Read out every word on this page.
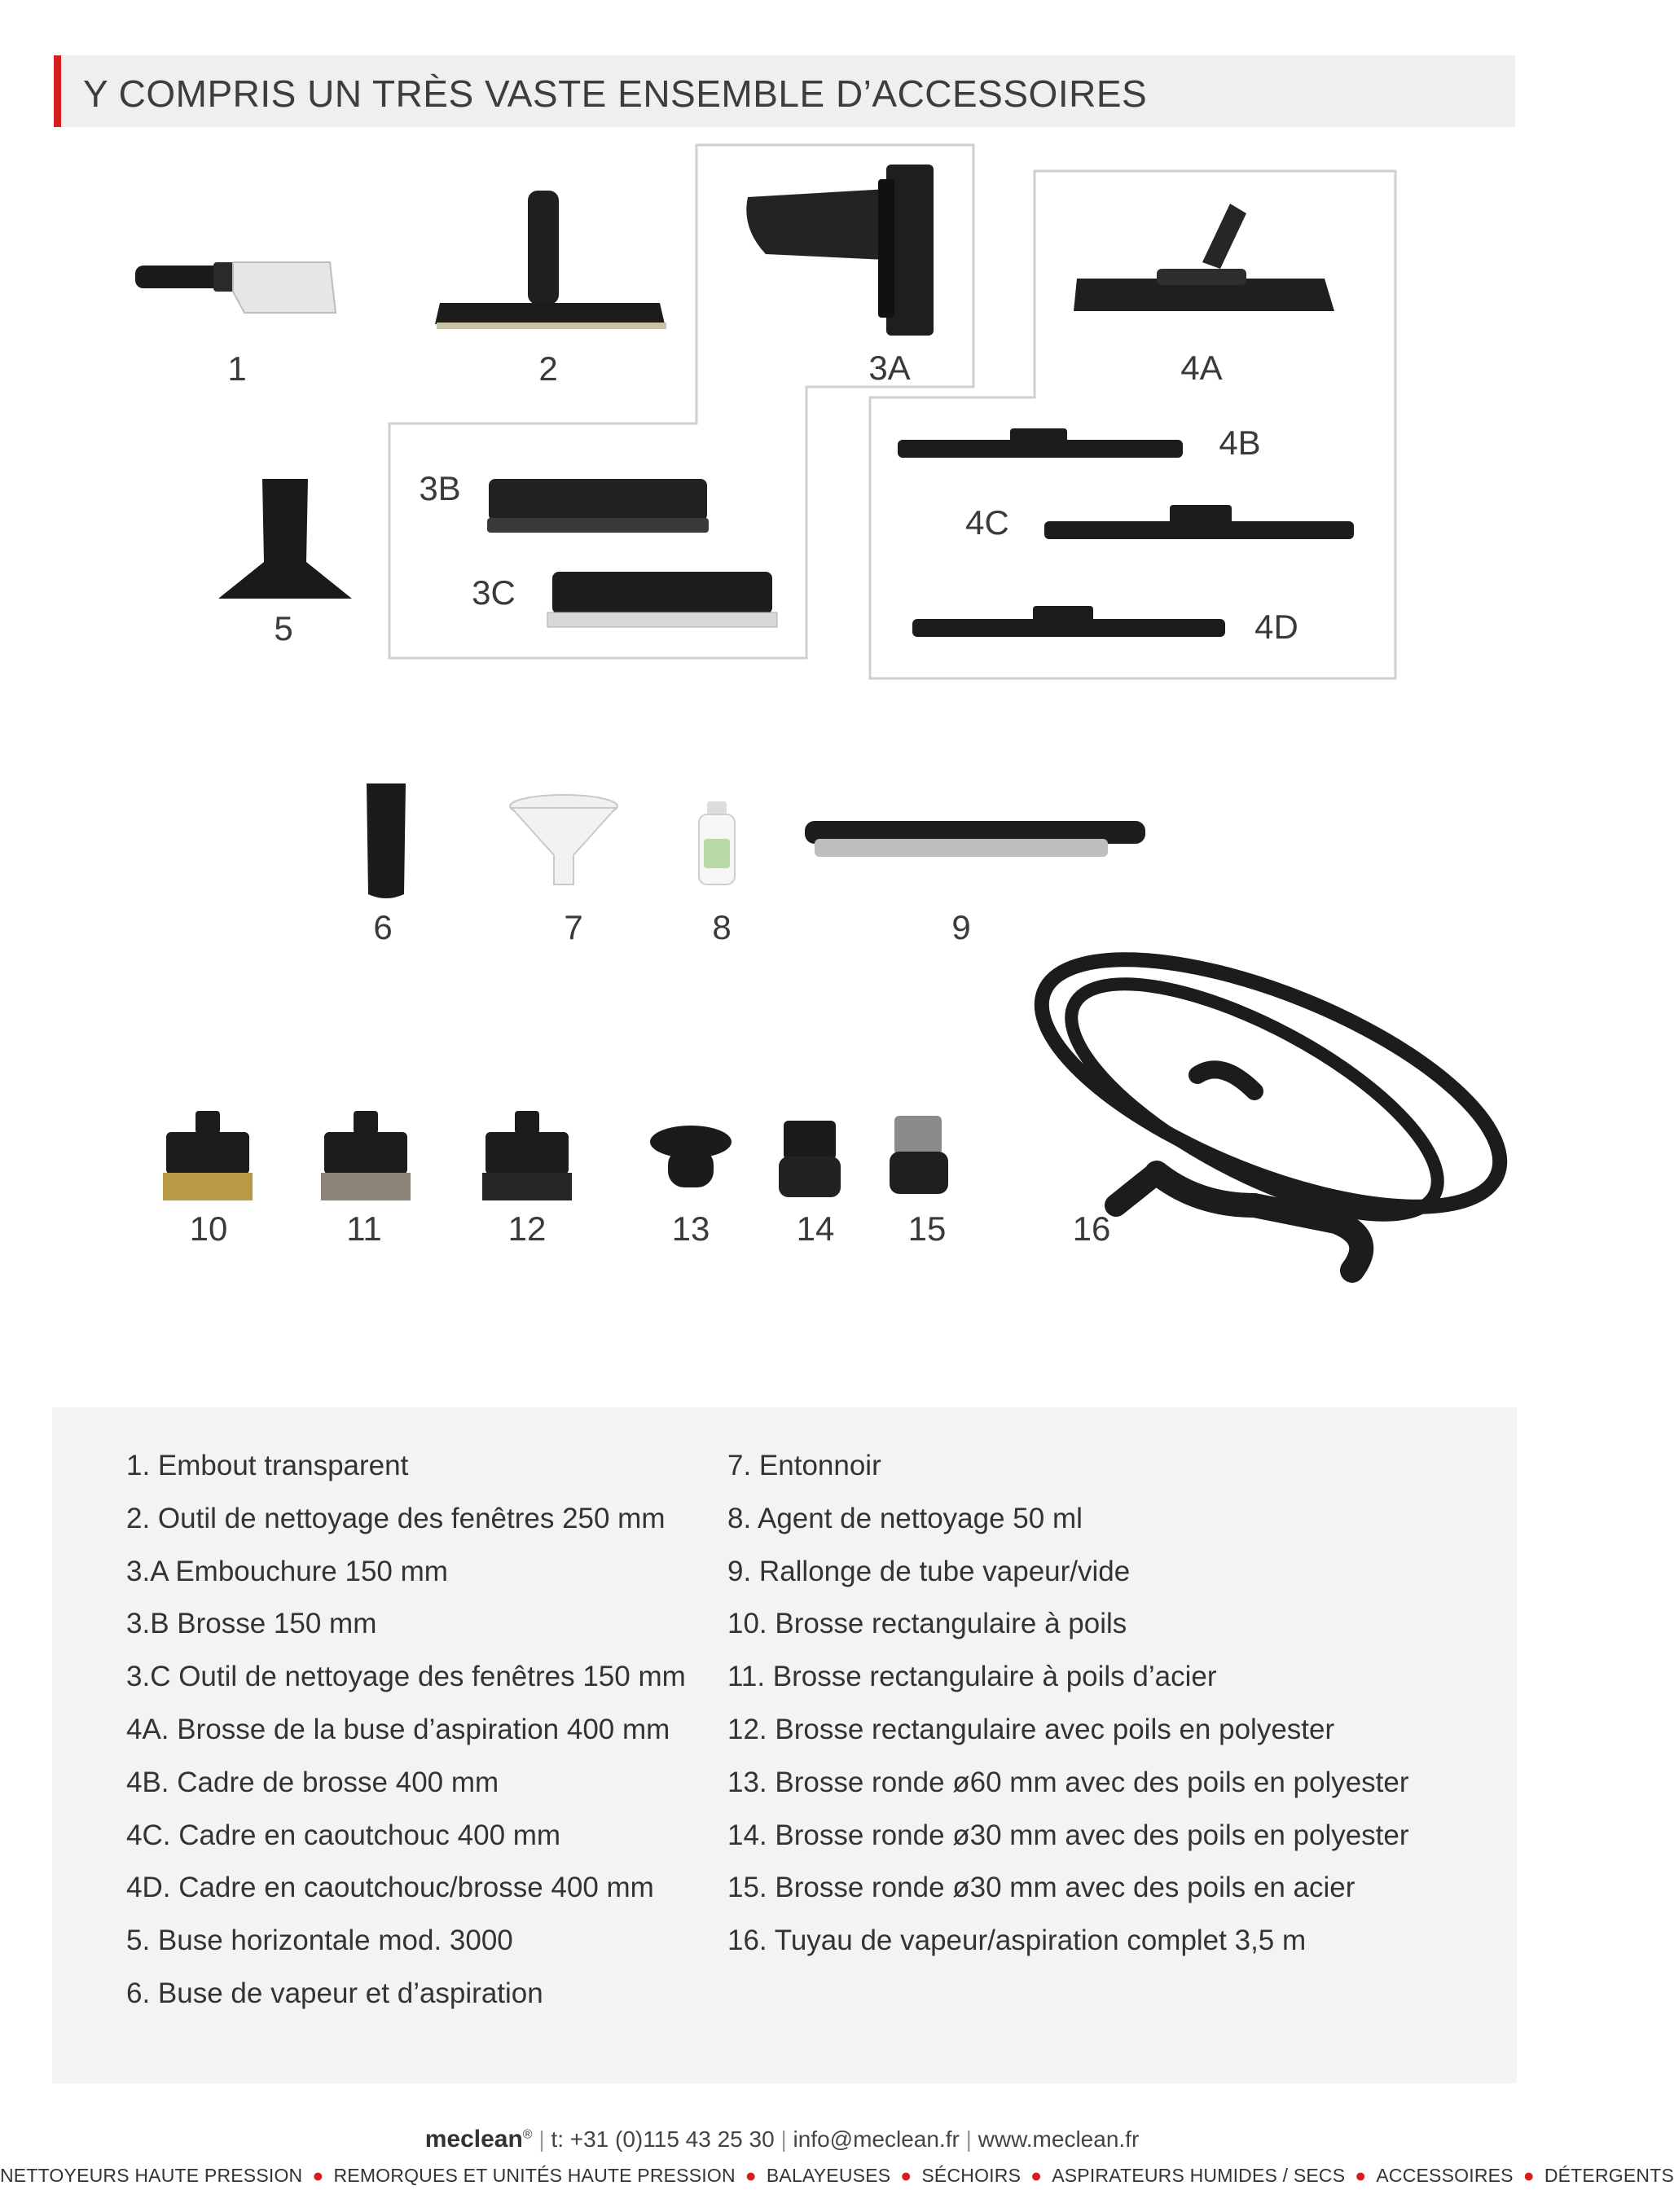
Y COMPRIS UN TRÈS VASTE ENSEMBLE D’ACCESSOIRES
1	2	3A	4A
3B
4B
4C
3C
4D
5
6	7	8	9
10	11	12	13	14 15	16
1. Embout transparent
2. Outil de nettoyage des fenêtres 250 mm
3.A Embouchure 150 mm
3.B Brosse 150 mm
3.C Outil de nettoyage des fenêtres 150 mm
4A. Brosse de la buse d’aspiration 400 mm
4B. Cadre de brosse 400 mm
4C. Cadre en caoutchouc 400 mm
4D. Cadre en caoutchouc/brosse 400 mm
5. Buse horizontale mod. 3000
6. Buse de vapeur et d’aspiration
7. Entonnoir
8. Agent de nettoyage 50 ml
9. Rallonge de tube vapeur/vide
10. Brosse rectangulaire à poils
11. Brosse rectangulaire à poils d’acier
12. Brosse rectangulaire avec poils en polyester
13. Brosse ronde ø60 mm avec des poils en polyester
14. Brosse ronde ø30 mm avec des poils en polyester
15. Brosse ronde ø30 mm avec des poils en acier
16. Tuyau de vapeur/aspiration complet 3,5 m
meclean® | t: +31 (0)115 43 25 30 | info@meclean.fr | www.meclean.fr
NETTOYEURS HAUTE PRESSION ● REMORQUES ET UNITÉS HAUTE PRESSION ● BALAYEUSES ● SÉCHOIRS ● ASPIRATEURS HUMIDES / SECS ● ACCESSOIRES ● DÉTERGENTS
